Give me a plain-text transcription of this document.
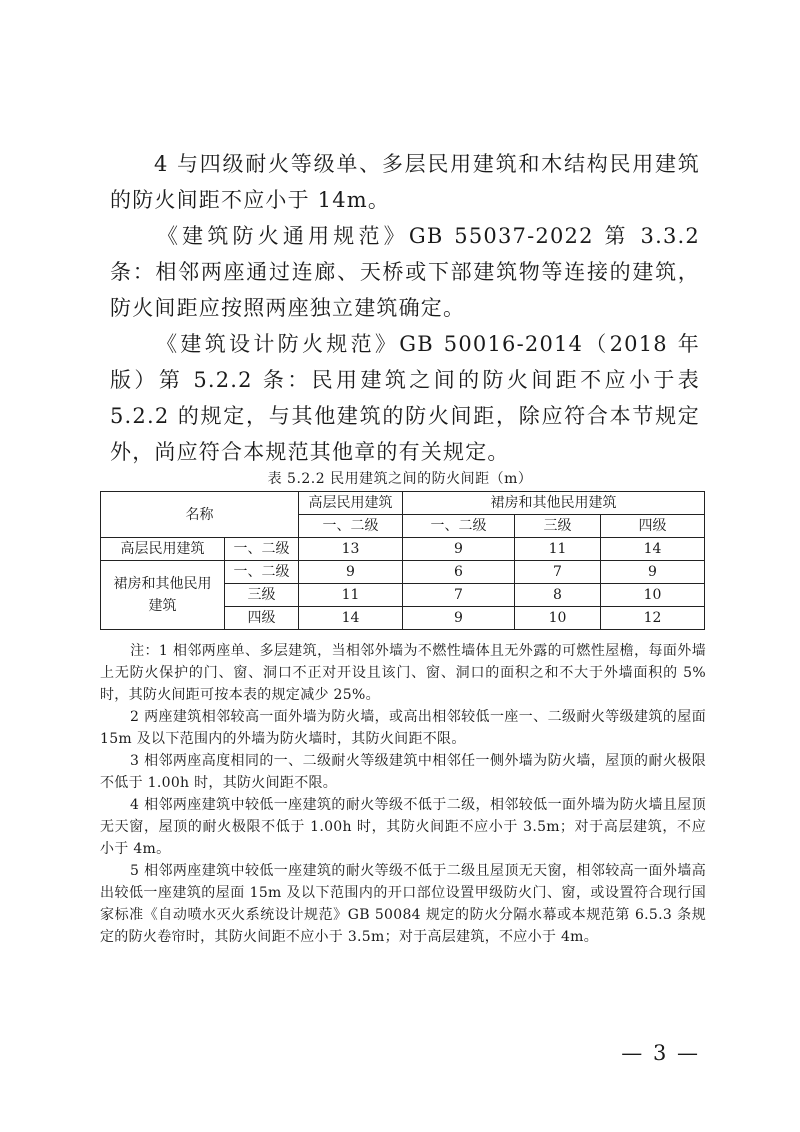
4 与四级耐火等级单、多层民用建筑和木结构民用建筑的防火间距不应小于 14m。

《建筑防火通用规范》GB 55037-2022 第 3.3.2 条：相邻两座通过连廊、天桥或下部建筑物等连接的建筑，防火间距应按照两座独立建筑确定。

《建筑设计防火规范》GB 50016-2014（2018 年版）第 5.2.2 条：民用建筑之间的防火间距不应小于表 5.2.2 的规定，与其他建筑的防火间距，除应符合本节规定外，尚应符合本规范其他章的有关规定。

表 5.2.2 民用建筑之间的防火间距（m）
名称		高层民用建筑	裙房和其他民用建筑		
		一、二级	一、二级	三级	四级
高层民用建筑	一、二级	13	9	11	14
裙房和其他民用建筑	一、二级	9	6	7	9
	三级	11	7	8	10
	四级	14	9	10	12

注：1 相邻两座单、多层建筑，当相邻外墙为不燃性墙体且无外露的可燃性屋檐，每面外墙上无防火保护的门、窗、洞口不正对开设且该门、窗、洞口的面积之和不大于外墙面积的 5%时，其防火间距可按本表的规定减少 25%。

2 两座建筑相邻较高一面外墙为防火墙，或高出相邻较低一座一、二级耐火等级建筑的屋面 15m 及以下范围内的外墙为防火墙时，其防火间距不限。

3 相邻两座高度相同的一、二级耐火等级建筑中相邻任一侧外墙为防火墙，屋顶的耐火极限不低于 1.00h 时，其防火间距不限。

4 相邻两座建筑中较低一座建筑的耐火等级不低于二级，相邻较低一面外墙为防火墙且屋顶无天窗，屋顶的耐火极限不低于 1.00h 时，其防火间距不应小于 3.5m；对于高层建筑，不应小于 4m。

5 相邻两座建筑中较低一座建筑的耐火等级不低于二级且屋顶无天窗，相邻较高一面外墙高出较低一座建筑的屋面 15m 及以下范围内的开口部位设置甲级防火门、窗，或设置符合现行国家标准《自动喷水灭火系统设计规范》GB 50084 规定的防火分隔水幕或本规范第 6.5.3 条规定的防火卷帘时，其防火间距不应小于 3.5m；对于高层建筑，不应小于 4m。

— 3 —
